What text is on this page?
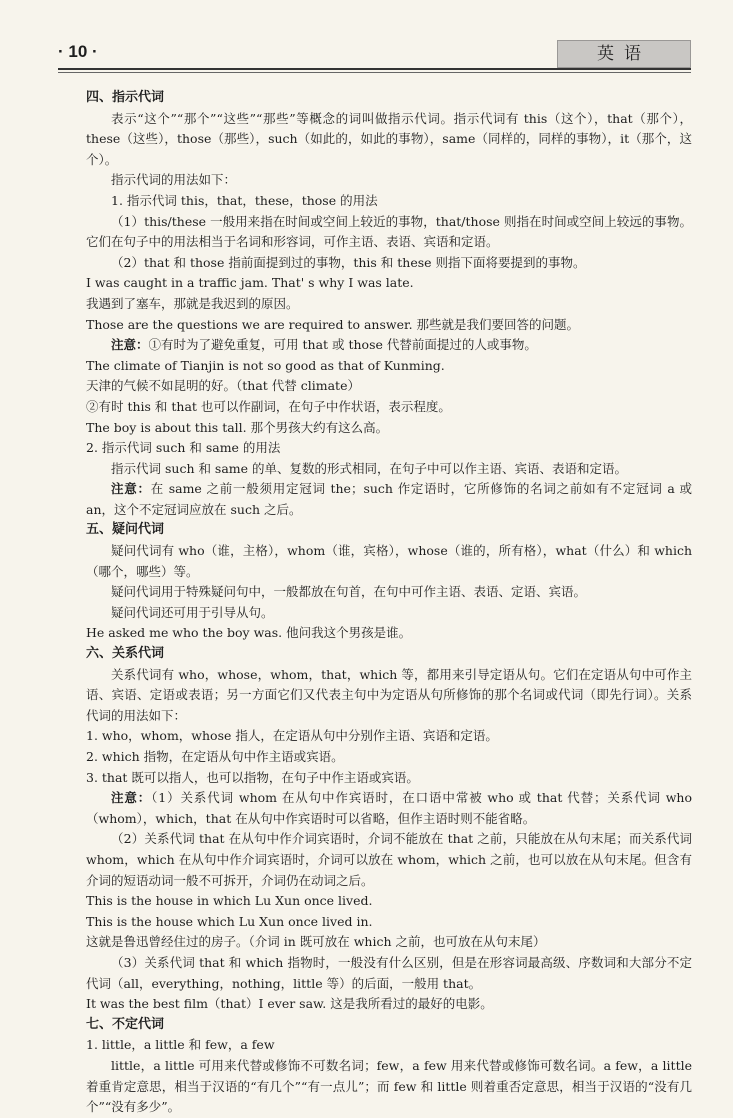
· 10 ·	英语

四、指示代词

表示“这个”“那个”“这些”“那些”等概念的词叫做指示代词。指示代词有 this（这个），that（那个），these（这些），those（那些），such（如此的，如此的事物），same（同样的，同样的事物），it（那个，这个）。

指示代词的用法如下：

1. 指示代词 this，that，these，those 的用法

（1）this/these 一般用来指在时间或空间上较近的事物，that/those 则指在时间或空间上较远的事物。它们在句子中的用法相当于名词和形容词，可作主语、表语、宾语和定语。

（2）that 和 those 指前面提到过的事物，this 和 these 则指下面将要提到的事物。

I was caught in a traffic jam. That' s why I was late.

我遇到了塞车，那就是我迟到的原因。

Those are the questions we are required to answer. 那些就是我们要回答的问题。

注意：①有时为了避免重复，可用 that 或 those 代替前面提过的人或事物。

The climate of Tianjin is not so good as that of Kunming.

天津的气候不如昆明的好。（that 代替 climate）

②有时 this 和 that 也可以作副词，在句子中作状语，表示程度。

The boy is about this tall. 那个男孩大约有这么高。

2. 指示代词 such 和 same 的用法

指示代词 such 和 same 的单、复数的形式相同，在句子中可以作主语、宾语、表语和定语。

注意：在 same 之前一般须用定冠词 the；such 作定语时，它所修饰的名词之前如有不定冠词 a 或 an，这个不定冠词应放在 such 之后。

五、疑问代词

疑问代词有 who（谁，主格），whom（谁，宾格），whose（谁的，所有格），what（什么）和 which（哪个，哪些）等。

疑问代词用于特殊疑问句中，一般都放在句首，在句中可作主语、表语、定语、宾语。

疑问代词还可用于引导从句。

He asked me who the boy was. 他问我这个男孩是谁。

六、关系代词

关系代词有 who，whose，whom，that，which 等，都用来引导定语从句。它们在定语从句中可作主语、宾语、定语或表语；另一方面它们又代表主句中为定语从句所修饰的那个名词或代词（即先行词）。关系代词的用法如下：

1. who，whom，whose 指人，在定语从句中分别作主语、宾语和定语。

2. which 指物，在定语从句中作主语或宾语。

3. that 既可以指人，也可以指物，在句子中作主语或宾语。

注意：（1）关系代词 whom 在从句中作宾语时，在口语中常被 who 或 that 代替；关系代词 who（whom），which，that 在从句中作宾语时可以省略，但作主语时则不能省略。

（2）关系代词 that 在从句中作介词宾语时，介词不能放在 that 之前，只能放在从句末尾；而关系代词 whom，which 在从句中作介词宾语时，介词可以放在 whom，which 之前，也可以放在从句末尾。但含有介词的短语动词一般不可拆开，介词仍在动词之后。

This is the house in which Lu Xun once lived.

This is the house which Lu Xun once lived in.

这就是鲁迅曾经住过的房子。（介词 in 既可放在 which 之前，也可放在从句末尾）

（3）关系代词 that 和 which 指物时，一般没有什么区别，但是在形容词最高级、序数词和大部分不定代词（all，everything，nothing，little 等）的后面，一般用 that。

It was the best film（that）I ever saw. 这是我所看过的最好的电影。

七、不定代词

1. little，a little 和 few，a few

little，a little 可用来代替或修饰不可数名词；few，a few 用来代替或修饰可数名词。a few，a little 着重肯定意思，相当于汉语的“有几个”“有一点儿”；而 few 和 little 则着重否定意思，相当于汉语的“没有几个”“没有多少”。
